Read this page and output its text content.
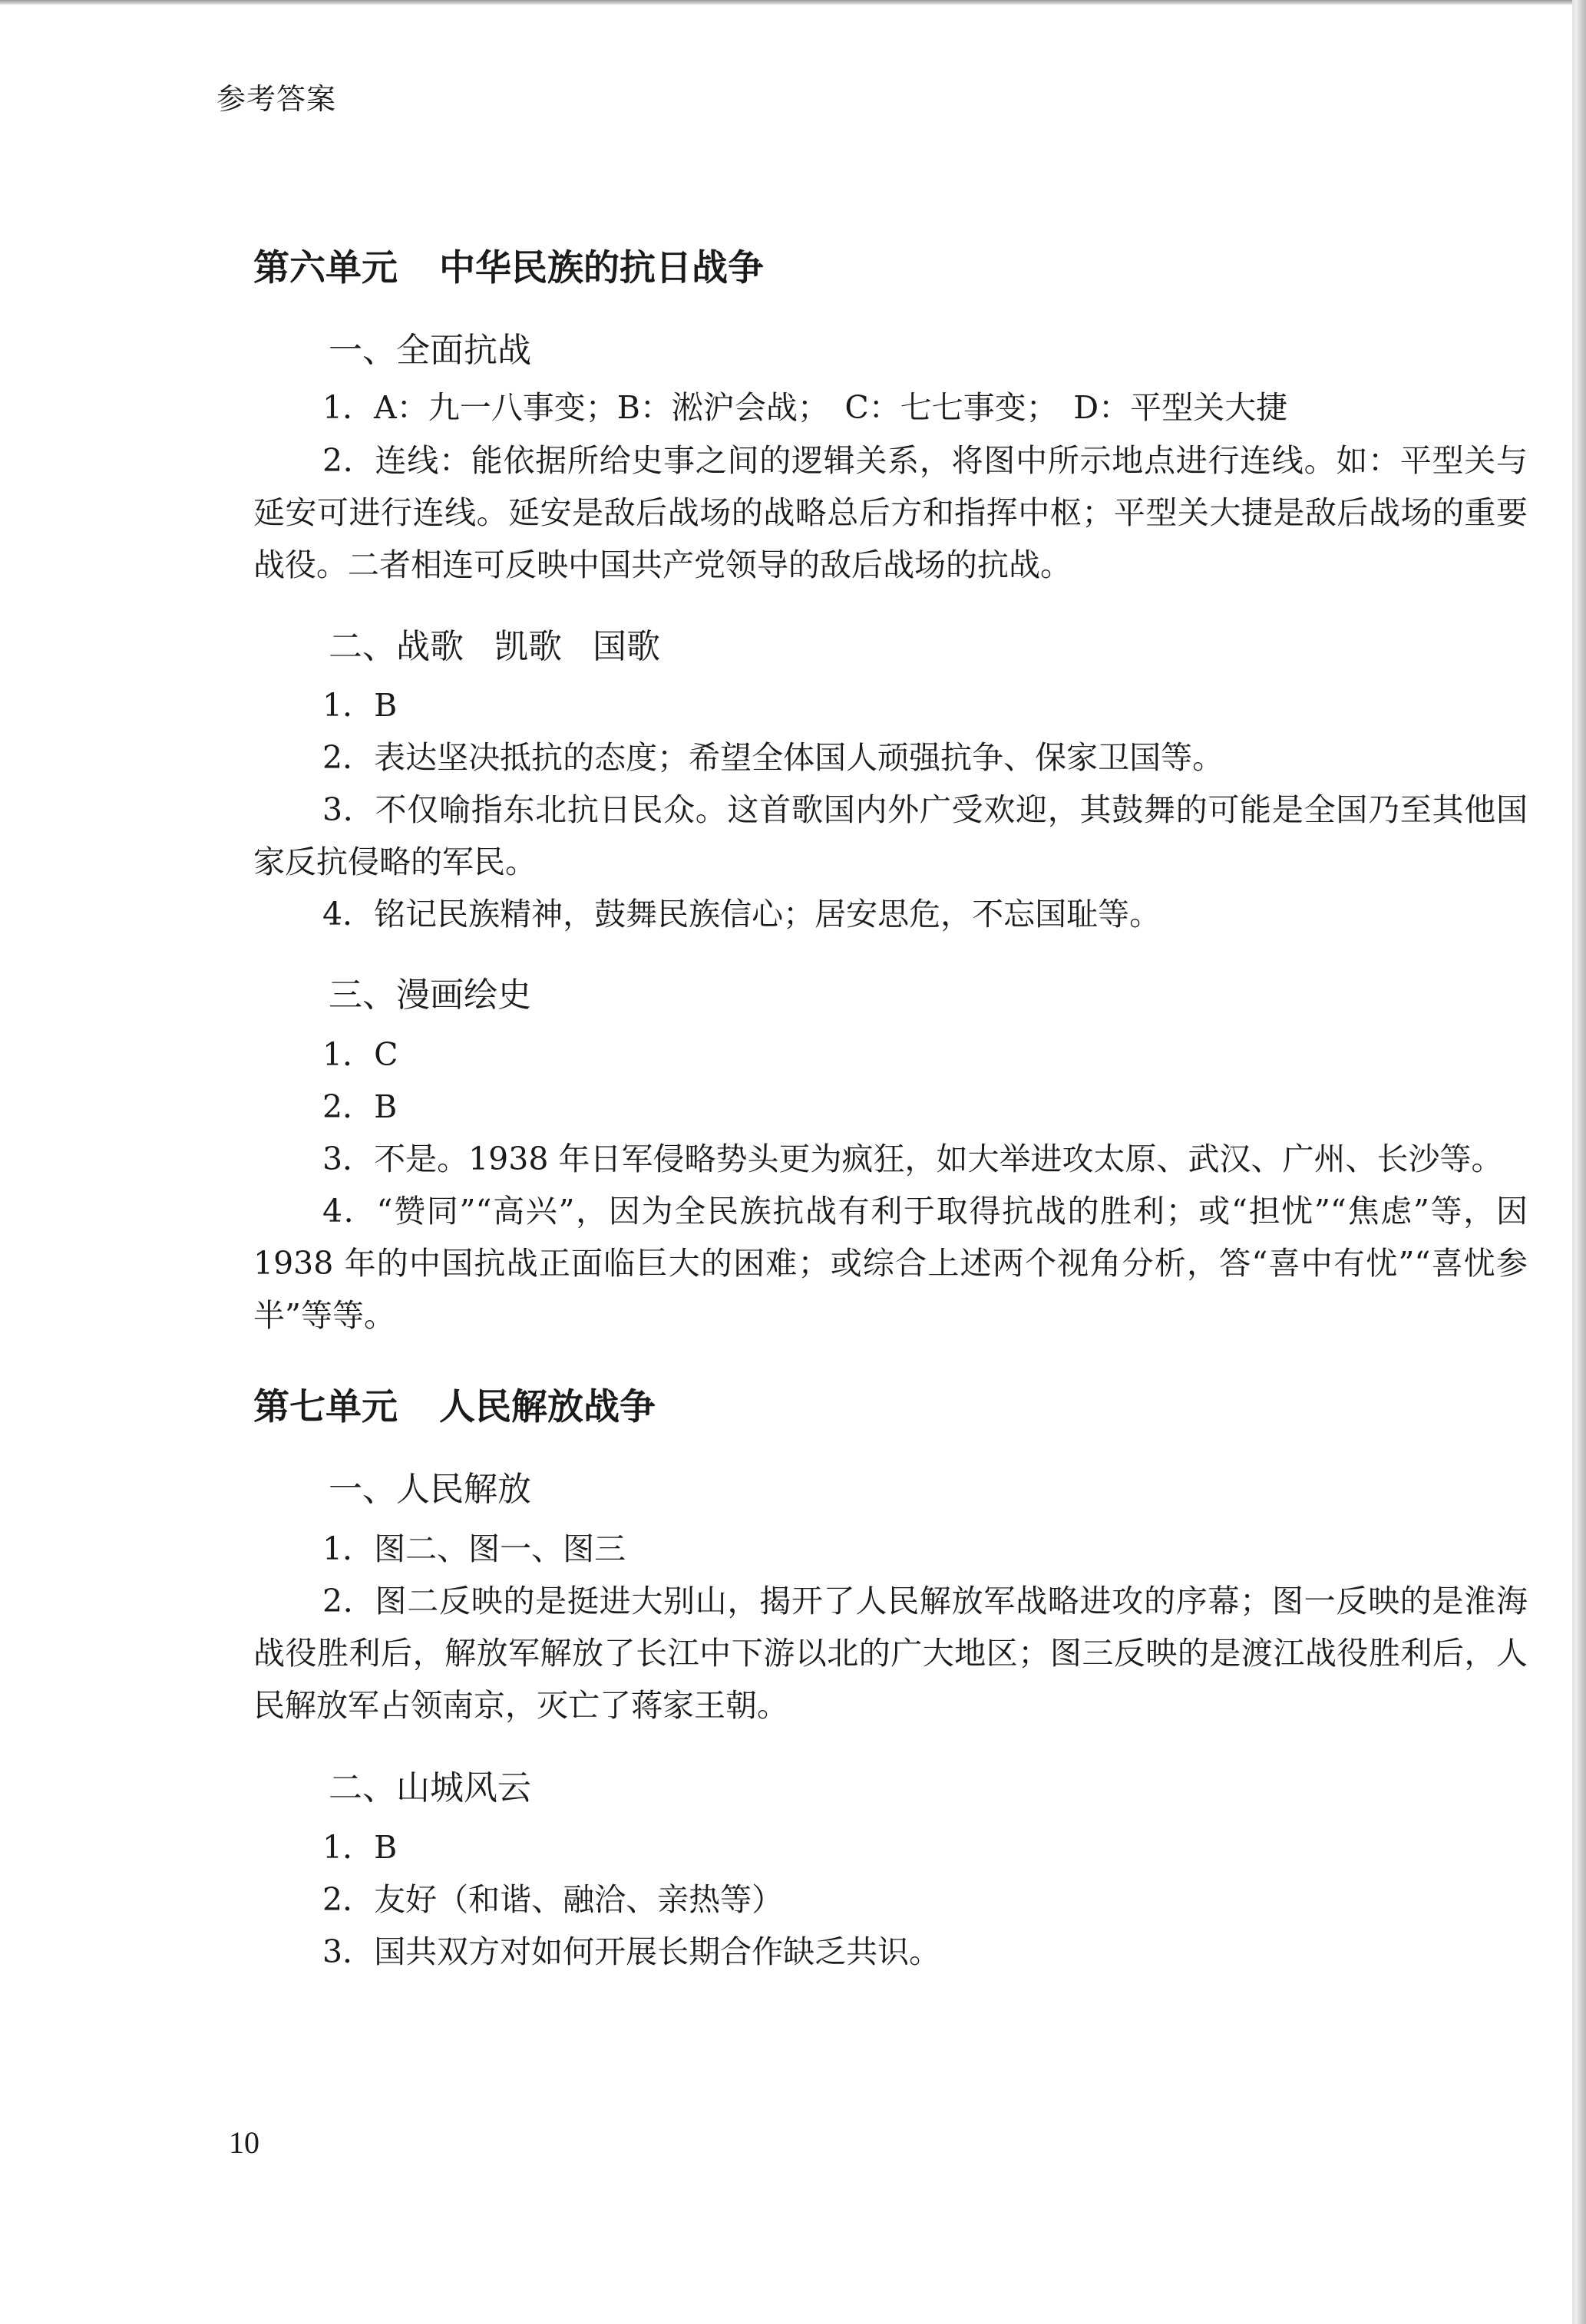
参考答案
第六单元 中华民族的抗日战争
一、全面抗战
1．A：九一八事变；B：淞沪会战；　C：七七事变；　D：平型关大捷
2．连线：能依据所给史事之间的逻辑关系，将图中所示地点进行连线。如：平型关与延安可进行连线。延安是敌后战场的战略总后方和指挥中枢；平型关大捷是敌后战场的重要战役。二者相连可反映中国共产党领导的敌后战场的抗战。
二、战歌 凯歌 国歌
1．B
2．表达坚决抵抗的态度；希望全体国人顽强抗争、保家卫国等。
3．不仅喻指东北抗日民众。这首歌国内外广受欢迎，其鼓舞的可能是全国乃至其他国家反抗侵略的军民。
4．铭记民族精神，鼓舞民族信心；居安思危，不忘国耻等。
三、漫画绘史
1．C
2．B
3．不是。1938 年日军侵略势头更为疯狂，如大举进攻太原、武汉、广州、长沙等。
4．“赞同”“高兴”，因为全民族抗战有利于取得抗战的胜利；或“担忧”“焦虑”等，因 1938 年的中国抗战正面临巨大的困难；或综合上述两个视角分析，答“喜中有忧”“喜忧参半”等等。
第七单元 人民解放战争
一、人民解放
1．图二、图一、图三
2．图二反映的是挺进大别山，揭开了人民解放军战略进攻的序幕；图一反映的是淮海战役胜利后，解放军解放了长江中下游以北的广大地区；图三反映的是渡江战役胜利后，人民解放军占领南京，灭亡了蒋家王朝。
二、山城风云
1．B
2．友好（和谐、融洽、亲热等）
3．国共双方对如何开展长期合作缺乏共识。
10
